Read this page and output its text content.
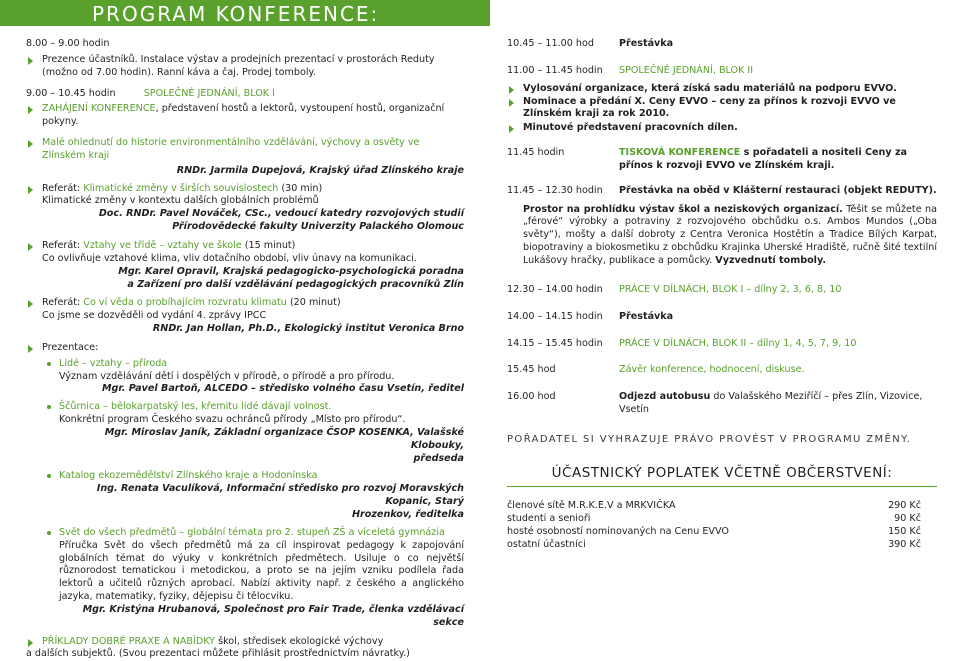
PROGRAM KONFERENCE:
8.00 – 9.00 hodin
Prezence účastníků. Instalace výstav a prodejních prezentací v prostorách Reduty (možno od 7.00 hodin). Ranní káva a čaj. Prodej tomboly.
9.00 – 10.45 hodin	SPOLEČNÉ JEDNÁNÍ, BLOK I
ZAHÁJENÍ KONFERENCE, představení hostů a lektorů, vystoupení hostů, organizační pokyny.
Malé ohlednutí do historie environmentálního vzdělávání, výchovy a osvěty ve Zlínském kraji
RNDr. Jarmila Dupejová, Krajský úřad Zlínského kraje
Referát: Klimatické změny v širších souvislostech (30 min)
Klimatické změny v kontextu dalších globálních problémů
Doc. RNDr. Pavel Nováček, CSc., vedoucí katedry rozvojových studií
Přírodovědecké fakulty Univerzity Palackého Olomouc
Referát: Vztahy ve třídě – vztahy ve škole (15 minut)
Co ovlivňuje vztahové klima, vliv dotačního období, vliv únavy na komunikaci.
Mgr. Karel Opravil, Krajská pedagogicko-psychologická poradna
a Zařízení pro další vzdělávání pedagogických pracovníků Zlín
Referát: Co ví věda o probíhajícím rozvratu klimatu (20 minut)
Co jsme se dozvěděli od vydání 4. zprávy IPCC
RNDr. Jan Hollan, Ph.D., Ekologický institut Veronica Brno
Prezentace:
Lidé – vztahy – příroda
Význam vzdělávání dětí i dospělých v přírodě, o přírodě a pro přírodu.
Mgr. Pavel Bartoň, ALCEDO – středisko volného času Vsetín, ředitel
Ščůrnica – bělokarpatský les, křemitu lidé dávají volnost.
Konkrétní program Českého svazu ochránců přírody „Místo pro přírodu“.
Mgr. Miroslav Janík, Základní organizace ČSOP KOSENKA, Valašské Klobouky,
předseda
Katalog ekozemědělství Zlínského kraje a Hodonínska
Ing. Renata Vaculíková, Informační středisko pro rozvoj Moravských Kopanic, Starý
Hrozenkov, ředitelka
Svět do všech předmětů – globální témata pro 2. stupeň ZŠ a víceletá gymnázia
Příručka Svět do všech předmětů má za cíl inspirovat pedagogy k zapojování globálních témat do výuky v konkrétních předmětech. Usiluje o co největší různorodost tematickou i metodickou, a proto se na jejím vzniku podílela řada lektorů a učitelů různých aprobací. Nabízí aktivity např. z českého a anglického jazyka, matematiky, fyziky, dějepisu či tělocviku.
Mgr. Kristýna Hrubanová, Společnost pro Fair Trade, členka vzdělávací sekce
PŘÍKLADY DOBRÉ PRAXE A NABÍDKY škol, středisek ekologické výchovy
a dalších subjektů. (Svou prezentaci můžete přihlásit prostřednictvím návratky.)
10.45 – 11.00 hod	Přestávka
11.00 – 11.45 hodin	SPOLEČNÉ JEDNÁNÍ, BLOK II
Vylosování organizace, která získá sadu materiálů na podporu EVVO.
Nominace a předání X. Ceny EVVO – ceny za přínos k rozvoji EVVO ve Zlínském kraji za rok 2010.
Minutové představení pracovních dílen.
11.45 hodin	TISKOVÁ KONFERENCE s pořadateli a nositeli Ceny za přínos k rozvoji EVVO ve Zlínském kraji.
11.45 – 12.30 hodin	Přestávka na oběd v Klášterní restauraci (objekt REDUTY).
Prostor na prohlídku výstav škol a neziskových organizací. Těšit se můžete na „férové“ výrobky a potraviny z rozvojového obchůdku o.s. Ambos Mundos („Oba světy“), mošty a další dobroty z Centra Veronica Hostětín a Tradice Bílých Karpat, biopotraviny a biokosmetiku z obchůdku Krajinka Uherské Hradiště, ručně šité textilní Lukášovy hračky, publikace a pomůcky. Vyzvednutí tomboly.
12.30 – 14.00 hodin	PRÁCE V DÍLNÁCH, BLOK I – dílny 2, 3, 6, 8, 10
14.00 – 14.15 hodin	Přestávka
14.15 – 15.45 hodin	PRÁCE V DÍLNÁCH, BLOK II – dílny 1, 4, 5, 7, 9, 10
15.45 hod	Závěr konference, hodnocení, diskuse.
16.00 hod	Odjezd autobusu do Valašského Meziříčí – přes Zlín, Vizovice, Vsetín
POŘADATEL SI VYHRAZUJE PRÁVO PROVÉST V PROGRAMU ZMĚNY.
ÚČASTNICKÝ POPLATEK VČETNĚ OBČERSTVENÍ:
členové sítě M.R.K.E.V a MRKVIČKA	290 Kč
studenti a senioři	90 Kč
hosté osobností nominovaných na Cenu EVVO	150 Kč
ostatní účastníci	390 Kč
